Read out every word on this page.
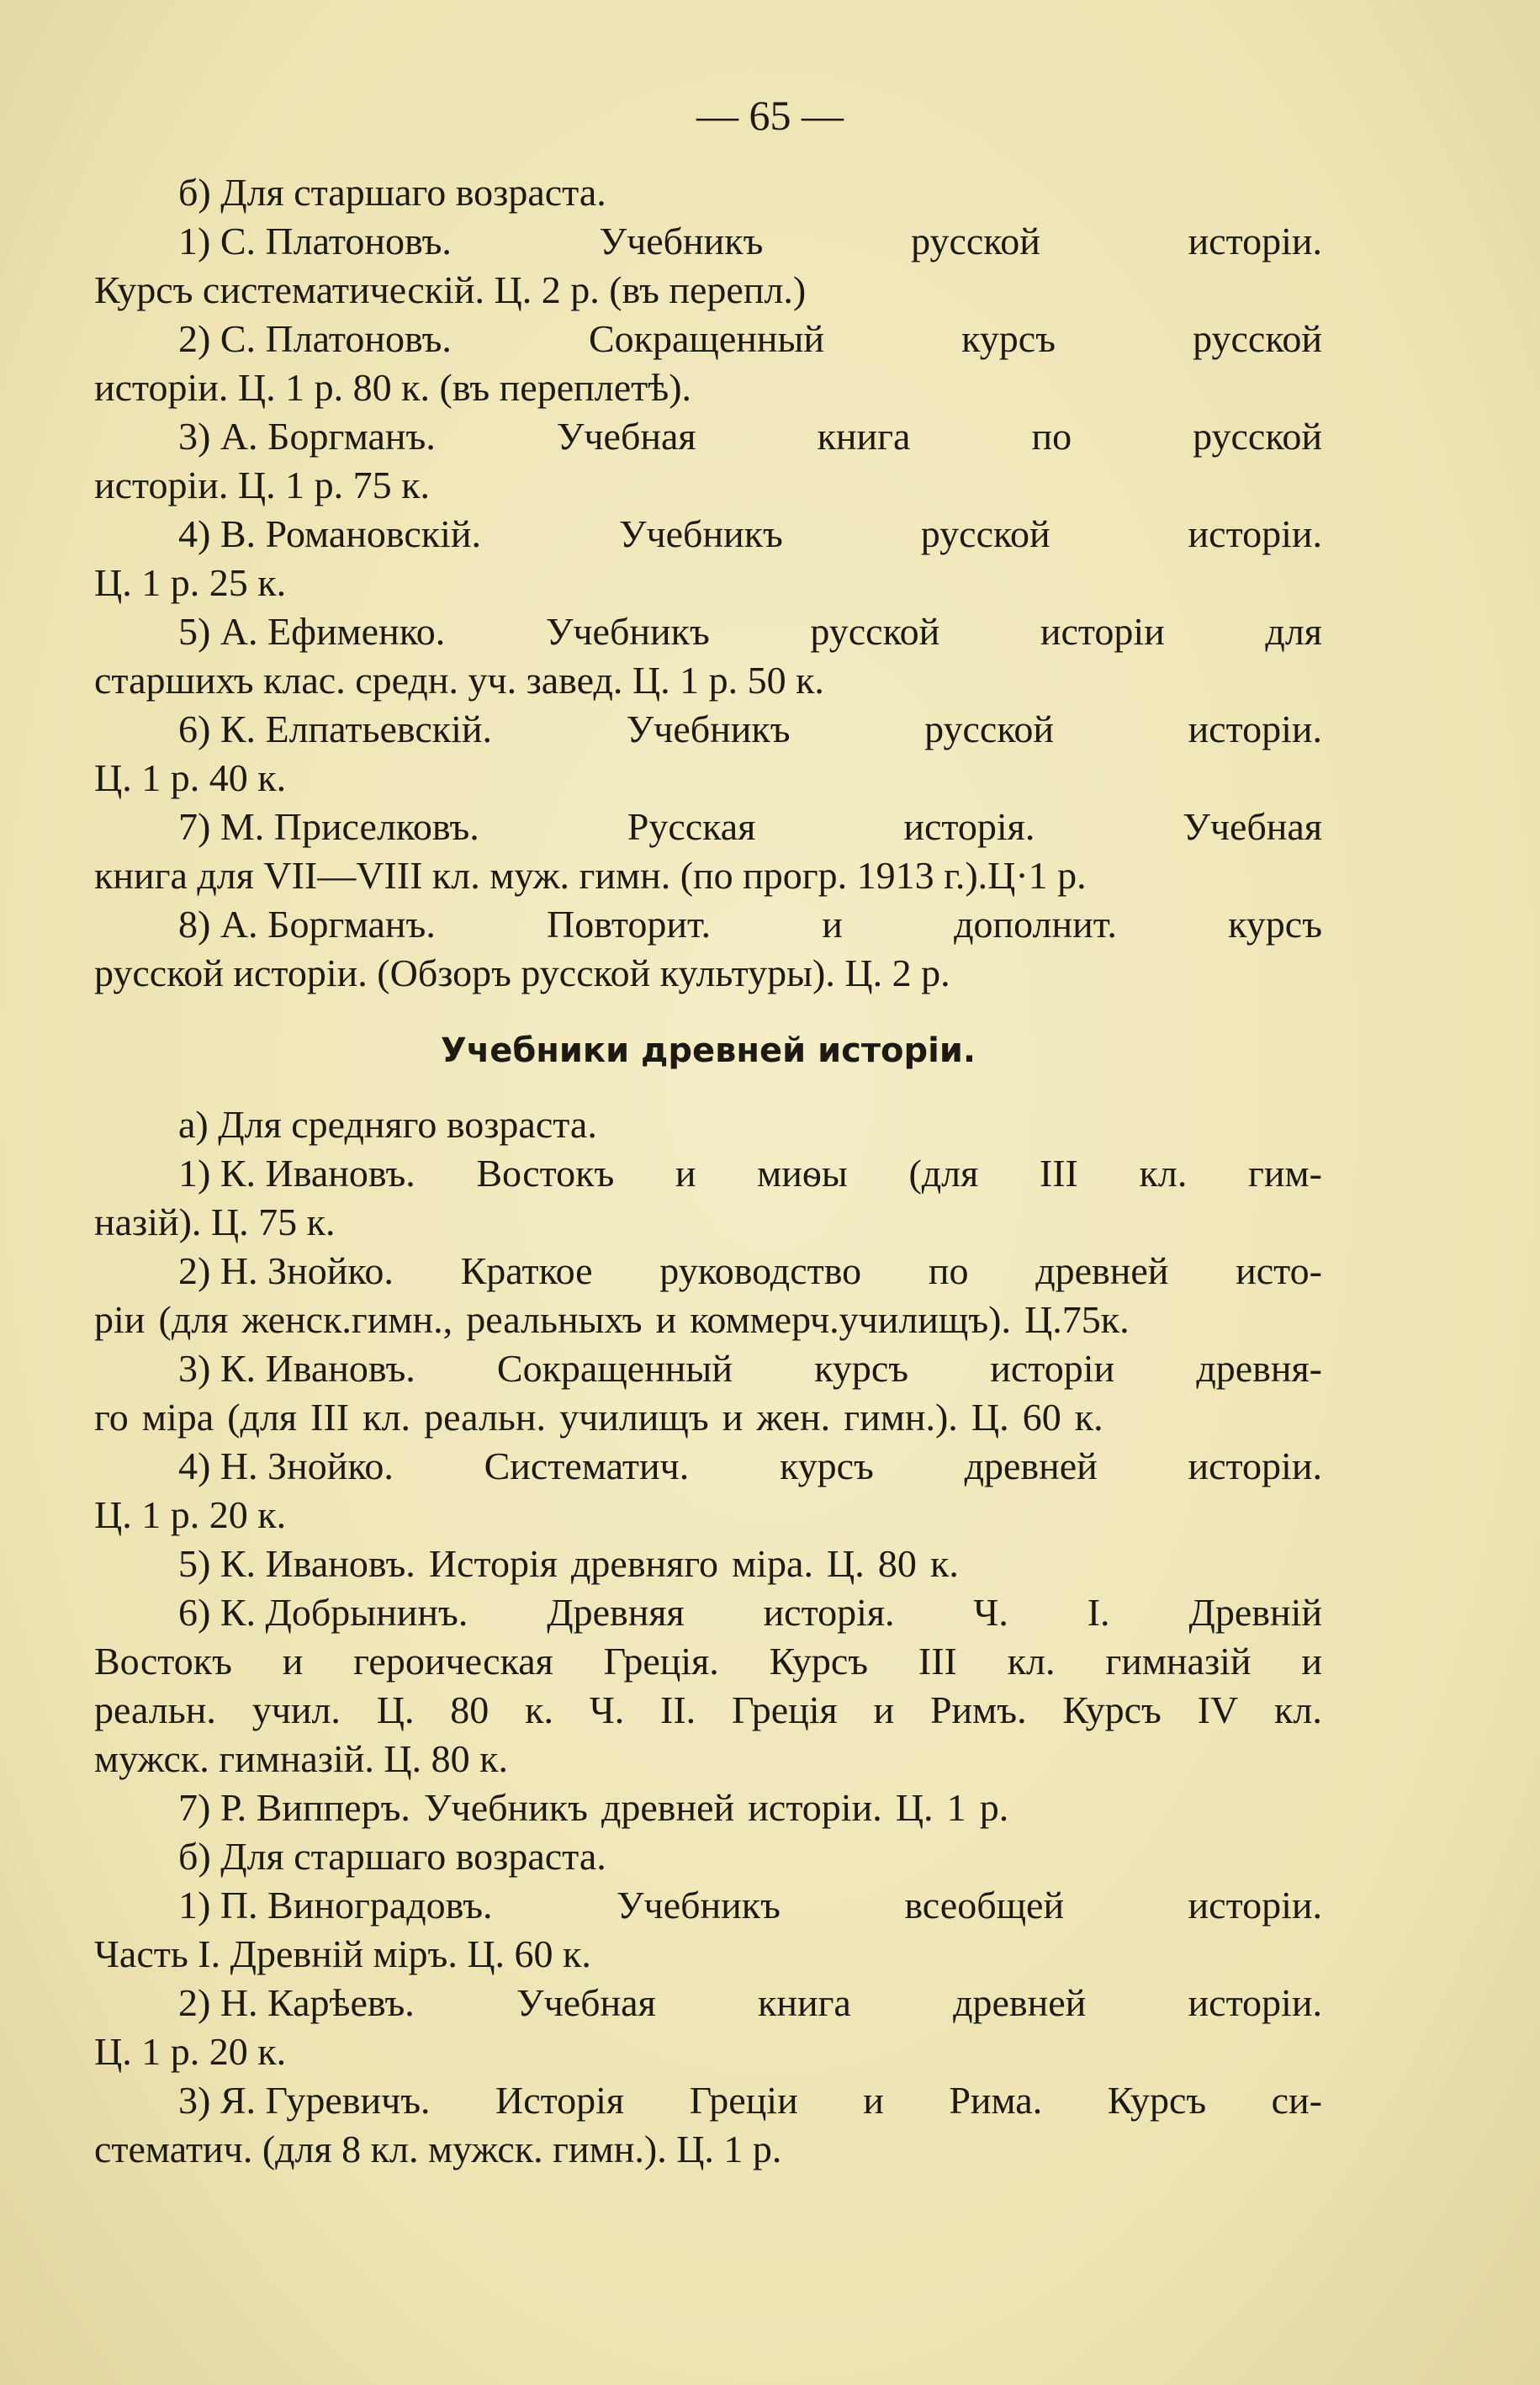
— 65 —
б) Для старшаго возраста.
1) С. Платоновъ.	Учебникъ	русской	исторіи.
Курсъ систематическій. Ц. 2 р. (въ перепл.)
2) С. Платоновъ.	Сокращенный	курсъ	русской
исторіи. Ц. 1 р. 80 к. (въ переплетѣ).
3) А. Боргманъ.	Учебная	книга	по	русской
исторіи. Ц. 1 р. 75 к.
4) В. Романовскій.	Учебникъ	русской	исторіи.
Ц. 1 р. 25 к.
5) А. Ефименко.	Учебникъ	русской	исторіи	для
старшихъ клас. средн. уч. завед. Ц. 1 р. 50 к.
6) К. Елпатьевскій.	Учебникъ	русской	исторіи.
Ц. 1 р. 40 к.
7) М. Приселковъ.	Русская	исторія.	Учебная
книга для VII—VIII кл. муж. гимн. (по прогр. 1913 г.).Ц·1 р.
8) А. Боргманъ.	Повторит.	и	дополнит.	курсъ
русской исторіи. (Обзоръ русской культуры). Ц. 2 р.
Учебники древней исторіи.
а) Для средняго возраста.
1) К. Ивановъ. Востокъ и миѳы (для III кл. гим-
назій). Ц. 75 к.
2) Н. Знойко. Краткое руководство по древней исто-
ріи (для женск.гимн., реальныхъ и коммерч.училищъ). Ц.75к.
3) К. Ивановъ. Сокращенный курсъ исторіи древня-
го міра (для III кл. реальн. училищъ и жен. гимн.). Ц. 60 к.
4) Н. Знойко. Систематич. курсъ древней исторіи.
Ц. 1 р. 20 к.
5) К. Ивановъ. Исторія древняго міра. Ц. 80 к.
6) К. Добрынинъ. Древняя исторія. Ч. I. Древній
Востокъ и героическая Греція. Курсъ III кл. гимназій и
реальн. учил. Ц. 80 к. Ч. II. Греція и Римъ. Курсъ IV кл.
мужск. гимназій. Ц. 80 к.
7) Р. Випперъ. Учебникъ древней исторіи. Ц. 1 р.
б) Для старшаго возраста.
1) П. Виноградовъ.	Учебникъ	всеобщей	исторіи.
Часть І. Древній міръ. Ц. 60 к.
2) Н. Карѣевъ.	Учебная	книга	древней	исторіи.
Ц. 1 р. 20 к.
3) Я. Гуревичъ. Исторія Греціи и Рима. Курсъ си-
стематич. (для 8 кл. мужск. гимн.). Ц. 1 р.
